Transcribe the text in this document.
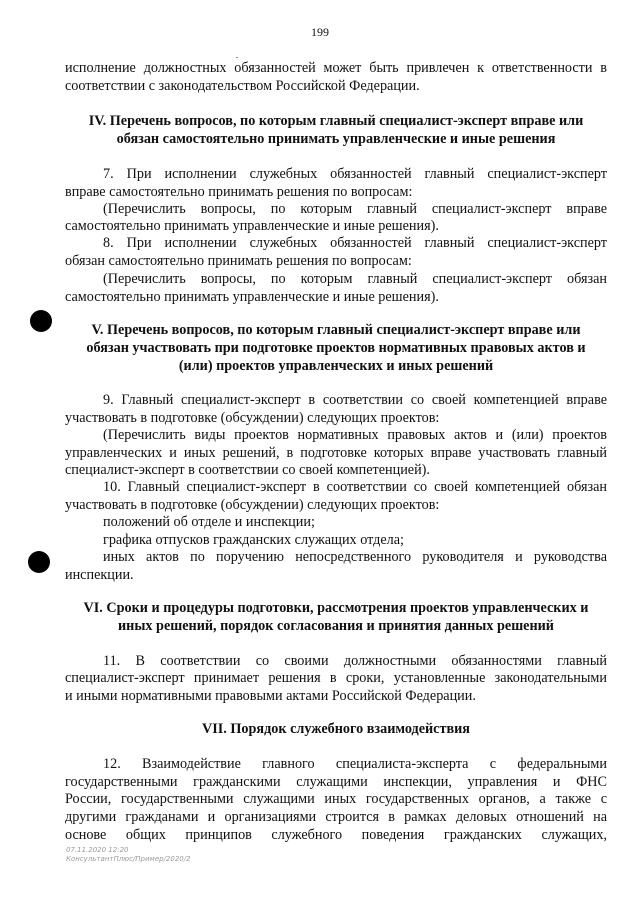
199
исполнение должностных обязанностей может быть привлечен к ответственности в
соответствии с законодательством Российской Федерации.
IV. Перечень вопросов, по которым главный специалист-эксперт вправе или
обязан самостоятельно принимать управленческие и иные решения
7. При исполнении служебных обязанностей главный специалист-эксперт
вправе самостоятельно принимать решения по вопросам:
(Перечислить вопросы, по которым главный специалист-эксперт вправе
самостоятельно принимать управленческие и иные решения).
8. При исполнении служебных обязанностей главный специалист-эксперт
обязан самостоятельно принимать решения по вопросам:
(Перечислить вопросы, по которым главный специалист-эксперт обязан
самостоятельно принимать управленческие и иные решения).
V. Перечень вопросов, по которым главный специалист-эксперт вправе или
обязан участвовать при подготовке проектов нормативных правовых актов и
(или) проектов управленческих и иных решений
9. Главный специалист-эксперт в соответствии со своей компетенцией вправе
участвовать в подготовке (обсуждении) следующих проектов:
(Перечислить виды проектов нормативных правовых актов и (или) проектов
управленческих и иных решений, в подготовке которых вправе участвовать главный
специалист-эксперт в соответствии со своей компетенцией).
10. Главный специалист-эксперт в соответствии со своей компетенцией обязан
участвовать в подготовке (обсуждении) следующих проектов:
положений об отделе и инспекции;
графика отпусков гражданских служащих отдела;
иных актов по поручению непосредственного руководителя и руководства
инспекции.
VI. Сроки и процедуры подготовки, рассмотрения проектов управленческих и
иных решений, порядок согласования и принятия данных решений
11. В соответствии со своими должностными обязанностями главный
специалист-эксперт принимает решения в сроки, установленные законодательными
и иными нормативными правовыми актами Российской Федерации.
VII. Порядок служебного взаимодействия
12. Взаимодействие главного специалиста-эксперта с федеральными
государственными гражданскими служащими инспекции, управления и ФНС
России, государственными служащими иных государственных органов, а также с
другими гражданами и организациями строится в рамках деловых отношений на
основе общих принципов служебного поведения гражданских служащих,
07.11.2020 12:20
КонсультантПлюс/Пример/2020/2
